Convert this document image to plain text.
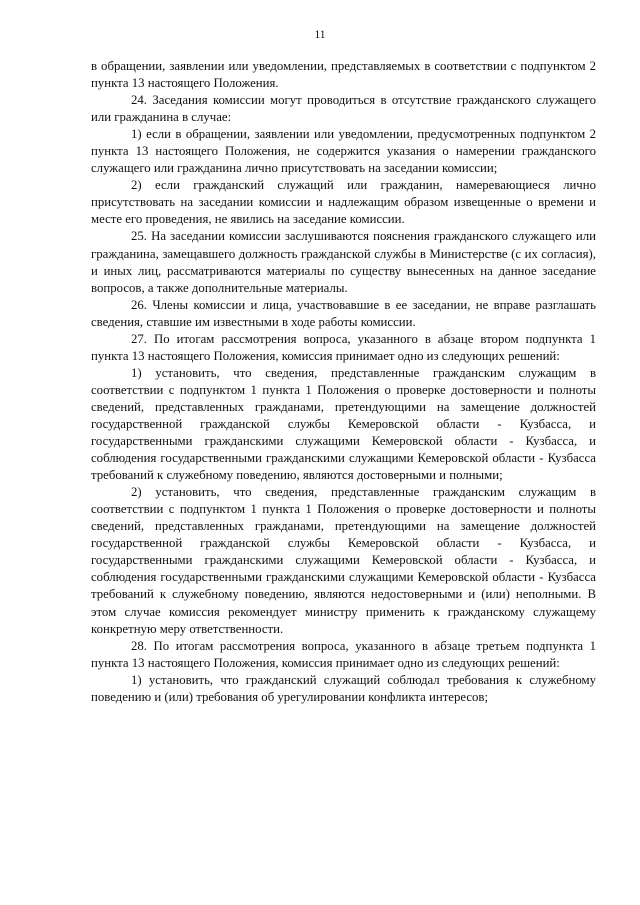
11

в обращении, заявлении или уведомлении, представляемых в соответствии с подпунктом 2 пункта 13 настоящего Положения.

24. Заседания комиссии могут проводиться в отсутствие гражданского служащего или гражданина в случае:

1) если в обращении, заявлении или уведомлении, предусмотренных подпунктом 2 пункта 13 настоящего Положения, не содержится указания о намерении гражданского служащего или гражданина лично присутствовать на заседании комиссии;

2) если гражданский служащий или гражданин, намеревающиеся лично присутствовать на заседании комиссии и надлежащим образом извещенные о времени и месте его проведения, не явились на заседание комиссии.

25. На заседании комиссии заслушиваются пояснения гражданского служащего или гражданина, замещавшего должность гражданской службы в Министерстве (с их согласия), и иных лиц, рассматриваются материалы по существу вынесенных на данное заседание вопросов, а также дополнительные материалы.

26. Члены комиссии и лица, участвовавшие в ее заседании, не вправе разглашать сведения, ставшие им известными в ходе работы комиссии.

27. По итогам рассмотрения вопроса, указанного в абзаце втором подпункта 1 пункта 13 настоящего Положения, комиссия принимает одно из следующих решений:

1) установить, что сведения, представленные гражданским служащим в соответствии с подпунктом 1 пункта 1 Положения о проверке достоверности и полноты сведений, представленных гражданами, претендующими на замещение должностей государственной гражданской службы Кемеровской области - Кузбасса, и государственными гражданскими служащими Кемеровской области - Кузбасса, и соблюдения государственными гражданскими служащими Кемеровской области - Кузбасса требований к служебному поведению, являются достоверными и полными;

2) установить, что сведения, представленные гражданским служащим в соответствии с подпунктом 1 пункта 1 Положения о проверке достоверности и полноты сведений, представленных гражданами, претендующими на замещение должностей государственной гражданской службы Кемеровской области - Кузбасса, и государственными гражданскими служащими Кемеровской области - Кузбасса, и соблюдения государственными гражданскими служащими Кемеровской области - Кузбасса требований к служебному поведению, являются недостоверными и (или) неполными. В этом случае комиссия рекомендует министру применить к гражданскому служащему конкретную меру ответственности.

28. По итогам рассмотрения вопроса, указанного в абзаце третьем подпункта 1 пункта 13 настоящего Положения, комиссия принимает одно из следующих решений:

1) установить, что гражданский служащий соблюдал требования к служебному поведению и (или) требования об урегулировании конфликта интересов;
